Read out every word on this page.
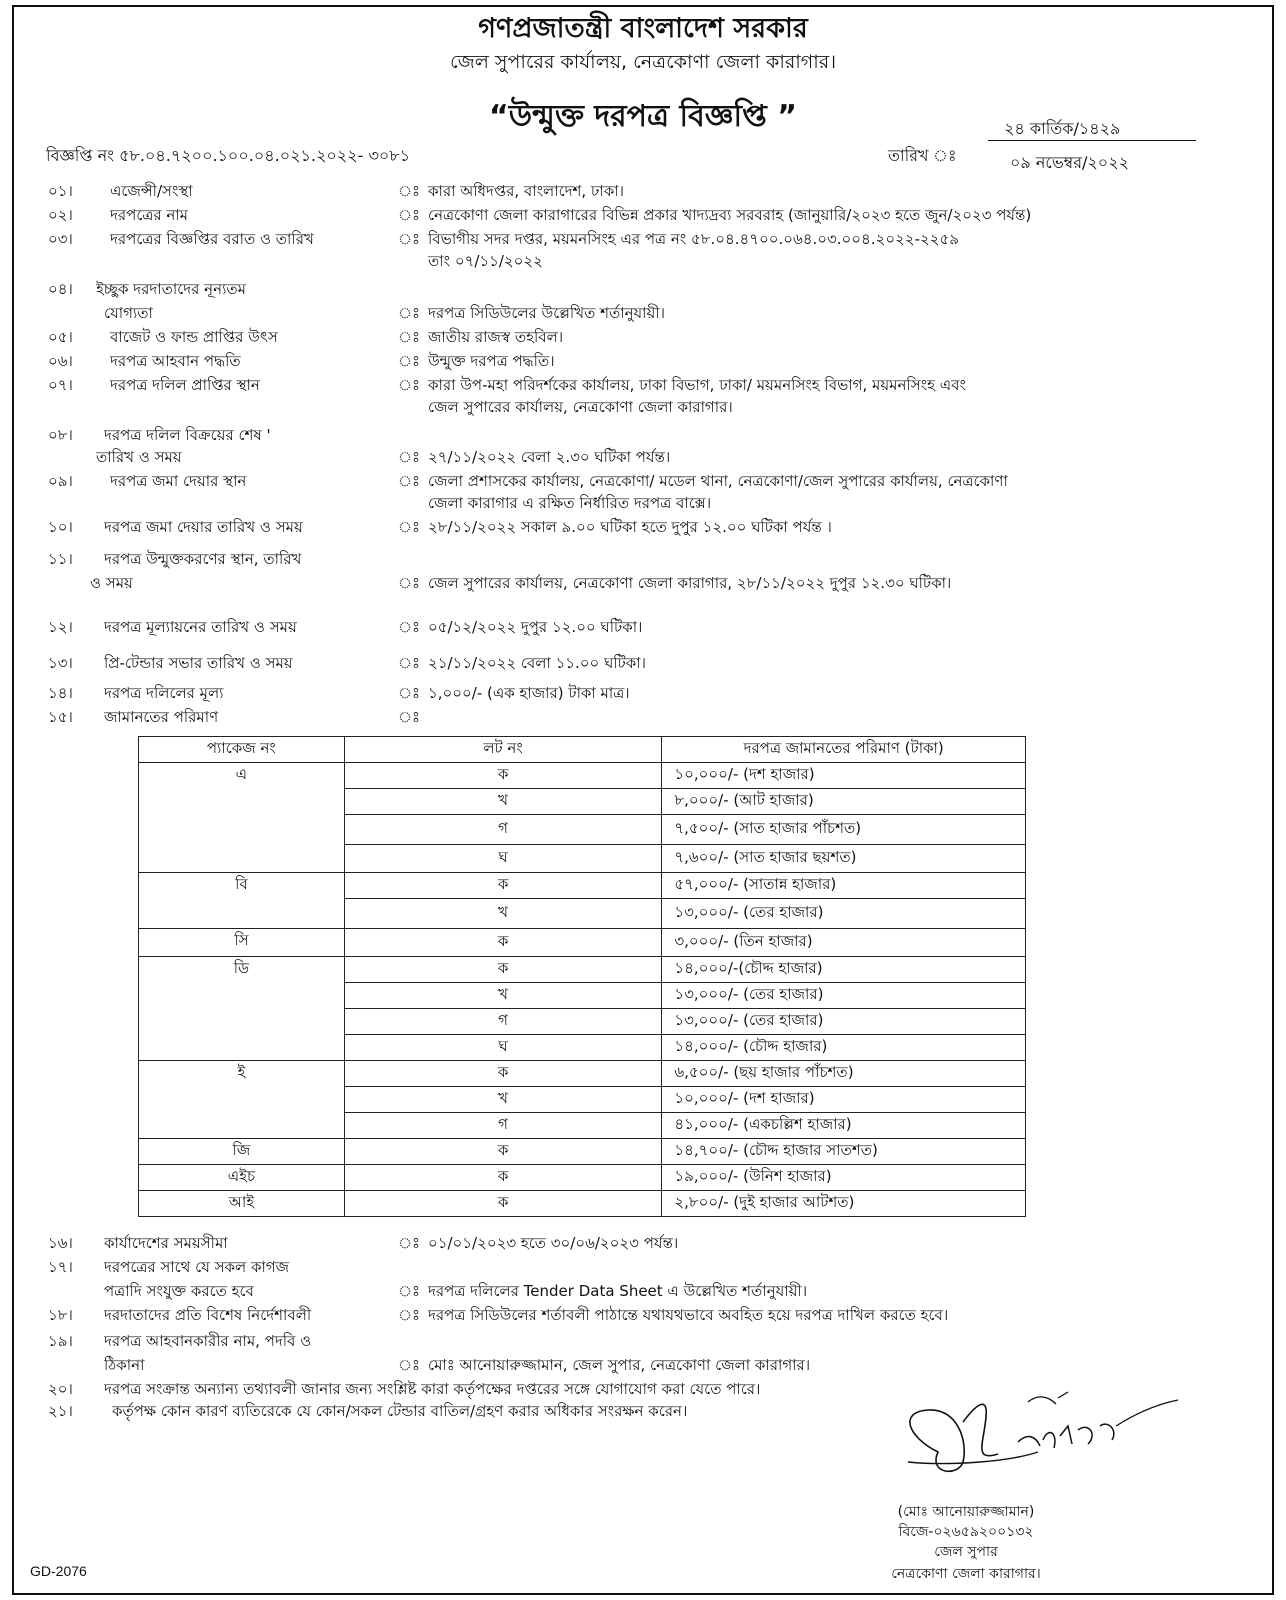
গণপ্রজাতন্ত্রী বাংলাদেশ সরকার
জেল সুপারের কার্যালয়, নেত্রকোণা জেলা কারাগার।
“উন্মুক্ত দরপত্র বিজ্ঞপ্তি ”
বিজ্ঞপ্তি নং ৫৮.০৪.৭২০০.১০০.০৪.০২১.২০২২- ৩০৮১	তারিখ ঃ
২৪ কার্তিক/১৪২৯
০৯ নভেম্বর/২০২২
০১। এজেন্সী/সংস্থা	ঃ কারা অধিদপ্তর, বাংলাদেশ, ঢাকা।
০২। দরপত্রের নাম	ঃ নেত্রকোণা জেলা কারাগারের বিভিন্ন প্রকার খাদ্যদ্রব্য সরবরাহ (জানুয়ারি/২০২৩ হতে জুন/২০২৩ পর্যন্ত)
০৩। দরপত্রের বিজ্ঞপ্তির বরাত ও তারিখ	ঃ বিভাগীয় সদর দপ্তর, ময়মনসিংহ এর পত্র নং ৫৮.০৪.৪৭০০.০৬৪.০৩.০০৪.২০২২-২২৫৯
তাং ০৭/১১/২০২২
০৪। ইচ্ছুক দরদাতাদের নূন্যতম
যোগ্যতা	ঃ দরপত্র সিডিউলের উল্লেখিত শর্তানুযায়ী।
০৫। বাজেট ও ফান্ড প্রাপ্তির উৎস	ঃ জাতীয় রাজস্ব তহবিল।
০৬। দরপত্র আহবান পদ্ধতি	ঃ উন্মুক্ত দরপত্র পদ্ধতি।
০৭। দরপত্র দলিল প্রাপ্তির স্থান	ঃ কারা উপ-মহা পরিদর্শকের কার্যালয়, ঢাকা বিভাগ, ঢাকা/ ময়মনসিংহ বিভাগ, ময়মনসিংহ এবং
জেল সুপারের কার্যালয়, নেত্রকোণা জেলা কারাগার।
০৮। দরপত্র দলিল বিক্রয়ের শেষ '
তারিখ ও সময়	ঃ ২৭/১১/২০২২ বেলা ২.৩০ ঘটিকা পর্যন্ত।
০৯। দরপত্র জমা দেয়ার স্থান	ঃ জেলা প্রশাসকের কার্যালয়, নেত্রকোণা/ মডেল থানা, নেত্রকোণা/জেল সুপারের কার্যালয়, নেত্রকোণা
জেলা কারাগার এ রক্ষিত নির্ধারিত দরপত্র বাক্সে।
১০। দরপত্র জমা দেয়ার তারিখ ও সময়	ঃ ২৮/১১/২০২২ সকাল ৯.০০ ঘটিকা হতে দুপুর ১২.০০ ঘটিকা পর্যন্ত ।
১১। দরপত্র উন্মুক্তকরণের স্থান, তারিখ
ও সময়	ঃ জেল সুপারের কার্যালয়, নেত্রকোণা জেলা কারাগার, ২৮/১১/২০২২ দুপুর ১২.৩০ ঘটিকা।
১২। দরপত্র মূল্যায়নের তারিখ ও সময়	ঃ ০৫/১২/২০২২ দুপুর ১২.০০ ঘটিকা।
১৩। প্রি-টেন্ডার সভার তারিখ ও সময়	ঃ ২১/১১/২০২২ বেলা ১১.০০ ঘটিকা।
১৪। দরপত্র দলিলের মূল্য	ঃ ১,০০০/- (এক হাজার) টাকা মাত্র।
১৫। জামানতের পরিমাণ	ঃ
প্যাকেজ নং	লট নং	দরপত্র জামানতের পরিমাণ (টাকা)
এ	ক	১০,০০০/- (দশ হাজার)
	খ	৮,০০০/- (আট হাজার)
	গ	৭,৫০০/- (সাত হাজার পাঁচশত)
	ঘ	৭,৬০০/- (সাত হাজার ছয়শত)
বি	ক	৫৭,০০০/- (সাতান্ন হাজার)
	খ	১৩,০০০/- (তের হাজার)
সি	ক	৩,০০০/- (তিন হাজার)
ডি	ক	১৪,০০০/-(চৌদ্দ হাজার)
	খ	১৩,০০০/- (তের হাজার)
	গ	১৩,০০০/- (তের হাজার)
	ঘ	১৪,০০০/- (চৌদ্দ হাজার)
ই	ক	৬,৫০০/- (ছয় হাজার পাঁচশত)
	খ	১০,০০০/- (দশ হাজার)
	গ	৪১,০০০/- (একচল্লিশ হাজার)
জি	ক	১৪,৭০০/- (চৌদ্দ হাজার সাতশত)
এইচ	ক	১৯,০০০/- (উনিশ হাজার)
আই	ক	২,৮০০/- (দুই হাজার আটশত)
১৬। কার্যাদেশের সময়সীমা	ঃ ০১/০১/২০২৩ হতে ৩০/০৬/২০২৩ পর্যন্ত।
১৭। দরপত্রের সাথে যে সকল কাগজ
পত্রাদি সংযুক্ত করতে হবে	ঃ দরপত্র দলিলের Tender Data Sheet এ উল্লেখিত শর্তানুযায়ী।
১৮। দরদাতাদের প্রতি বিশেষ নির্দেশাবলী	ঃ দরপত্র সিডিউলের শর্তাবলী পাঠান্তে যথাযথভাবে অবহিত হয়ে দরপত্র দাখিল করতে হবে।
১৯। দরপত্র আহবানকারীর নাম, পদবি ও
ঠিকানা	ঃ মোঃ আনোয়ারুজ্জামান, জেল সুপার, নেত্রকোণা জেলা কারাগার।
২০। দরপত্র সংক্রান্ত অন্যান্য তথ্যাবলী জানার জন্য সংশ্লিষ্ট কারা কর্তৃপক্ষের দপ্তরের সঙ্গে যোগাযোগ করা যেতে পারে।
২১।	কর্তৃপক্ষ কোন কারণ ব্যতিরেকে যে কোন/সকল টেন্ডার বাতিল/গ্রহণ করার অধিকার সংরক্ষন করেন।
(মোঃ আনোয়ারুজ্জামান)
বিজে-০২৬৫৯২০০১৩২
জেল সুপার
নেত্রকোণা জেলা কারাগার।
GD-2076
